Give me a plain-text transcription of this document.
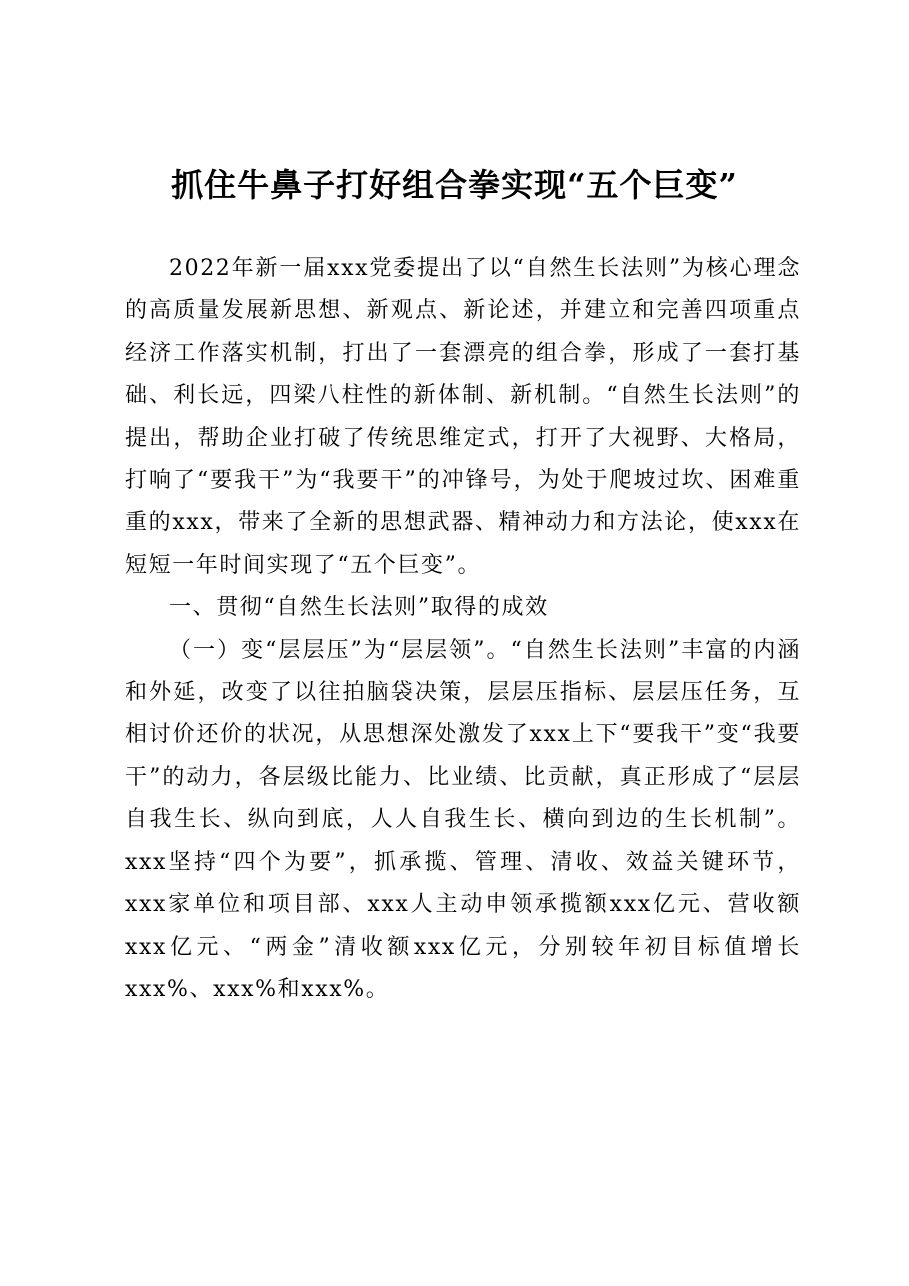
抓住牛鼻子打好组合拳实现“五个巨变”

2022年新一届xxx党委提出了以“自然生长法则”为核心理念的高质量发展新思想、新观点、新论述，并建立和完善四项重点经济工作落实机制，打出了一套漂亮的组合拳，形成了一套打基础、利长远，四梁八柱性的新体制、新机制。“自然生长法则”的提出，帮助企业打破了传统思维定式，打开了大视野、大格局，打响了“要我干”为“我要干”的冲锋号，为处于爬坡过坎、困难重重的xxx，带来了全新的思想武器、精神动力和方法论，使xxx在短短一年时间实现了“五个巨变”。

一、贯彻“自然生长法则”取得的成效

（一）变“层层压”为“层层领”。“自然生长法则”丰富的内涵和外延，改变了以往拍脑袋决策，层层压指标、层层压任务，互相讨价还价的状况，从思想深处激发了xxx上下“要我干”变“我要干”的动力，各层级比能力、比业绩、比贡献，真正形成了“层层自我生长、纵向到底，人人自我生长、横向到边的生长机制”。xxx坚持“四个为要”，抓承揽、管理、清收、效益关键环节，xxx家单位和项目部、xxx人主动申领承揽额xxx亿元、营收额xxx亿元、“两金”清收额xxx亿元，分别较年初目标值增长xxx%、xxx%和xxx%。
